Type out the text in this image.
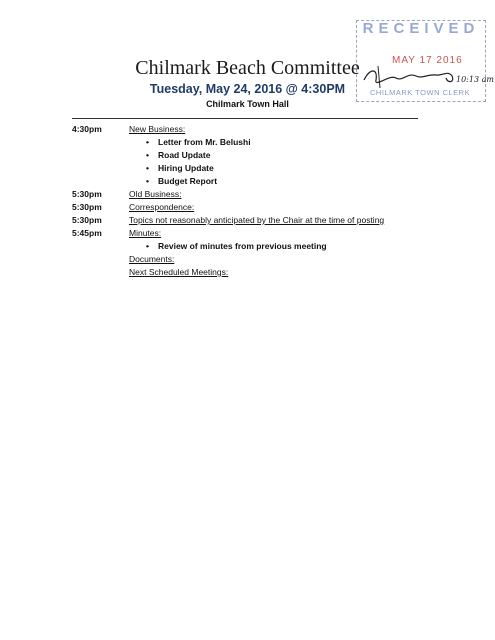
RECEIVED
MAY 17 2016
10:13 am
CHILMARK TOWN CLERK
Chilmark Beach Committee
Tuesday, May 24, 2016 @ 4:30PM
Chilmark Town Hall
4:30pm	New Business:
• Letter from Mr. Belushi
• Road Update
• Hiring Update
• Budget Report
5:30pm	Old Business:
5:30pm	Correspondence:
5:30pm	Topics not reasonably anticipated by the Chair at the time of posting
5:45pm	Minutes:
• Review of minutes from previous meeting
Documents:
Next Scheduled Meetings:
